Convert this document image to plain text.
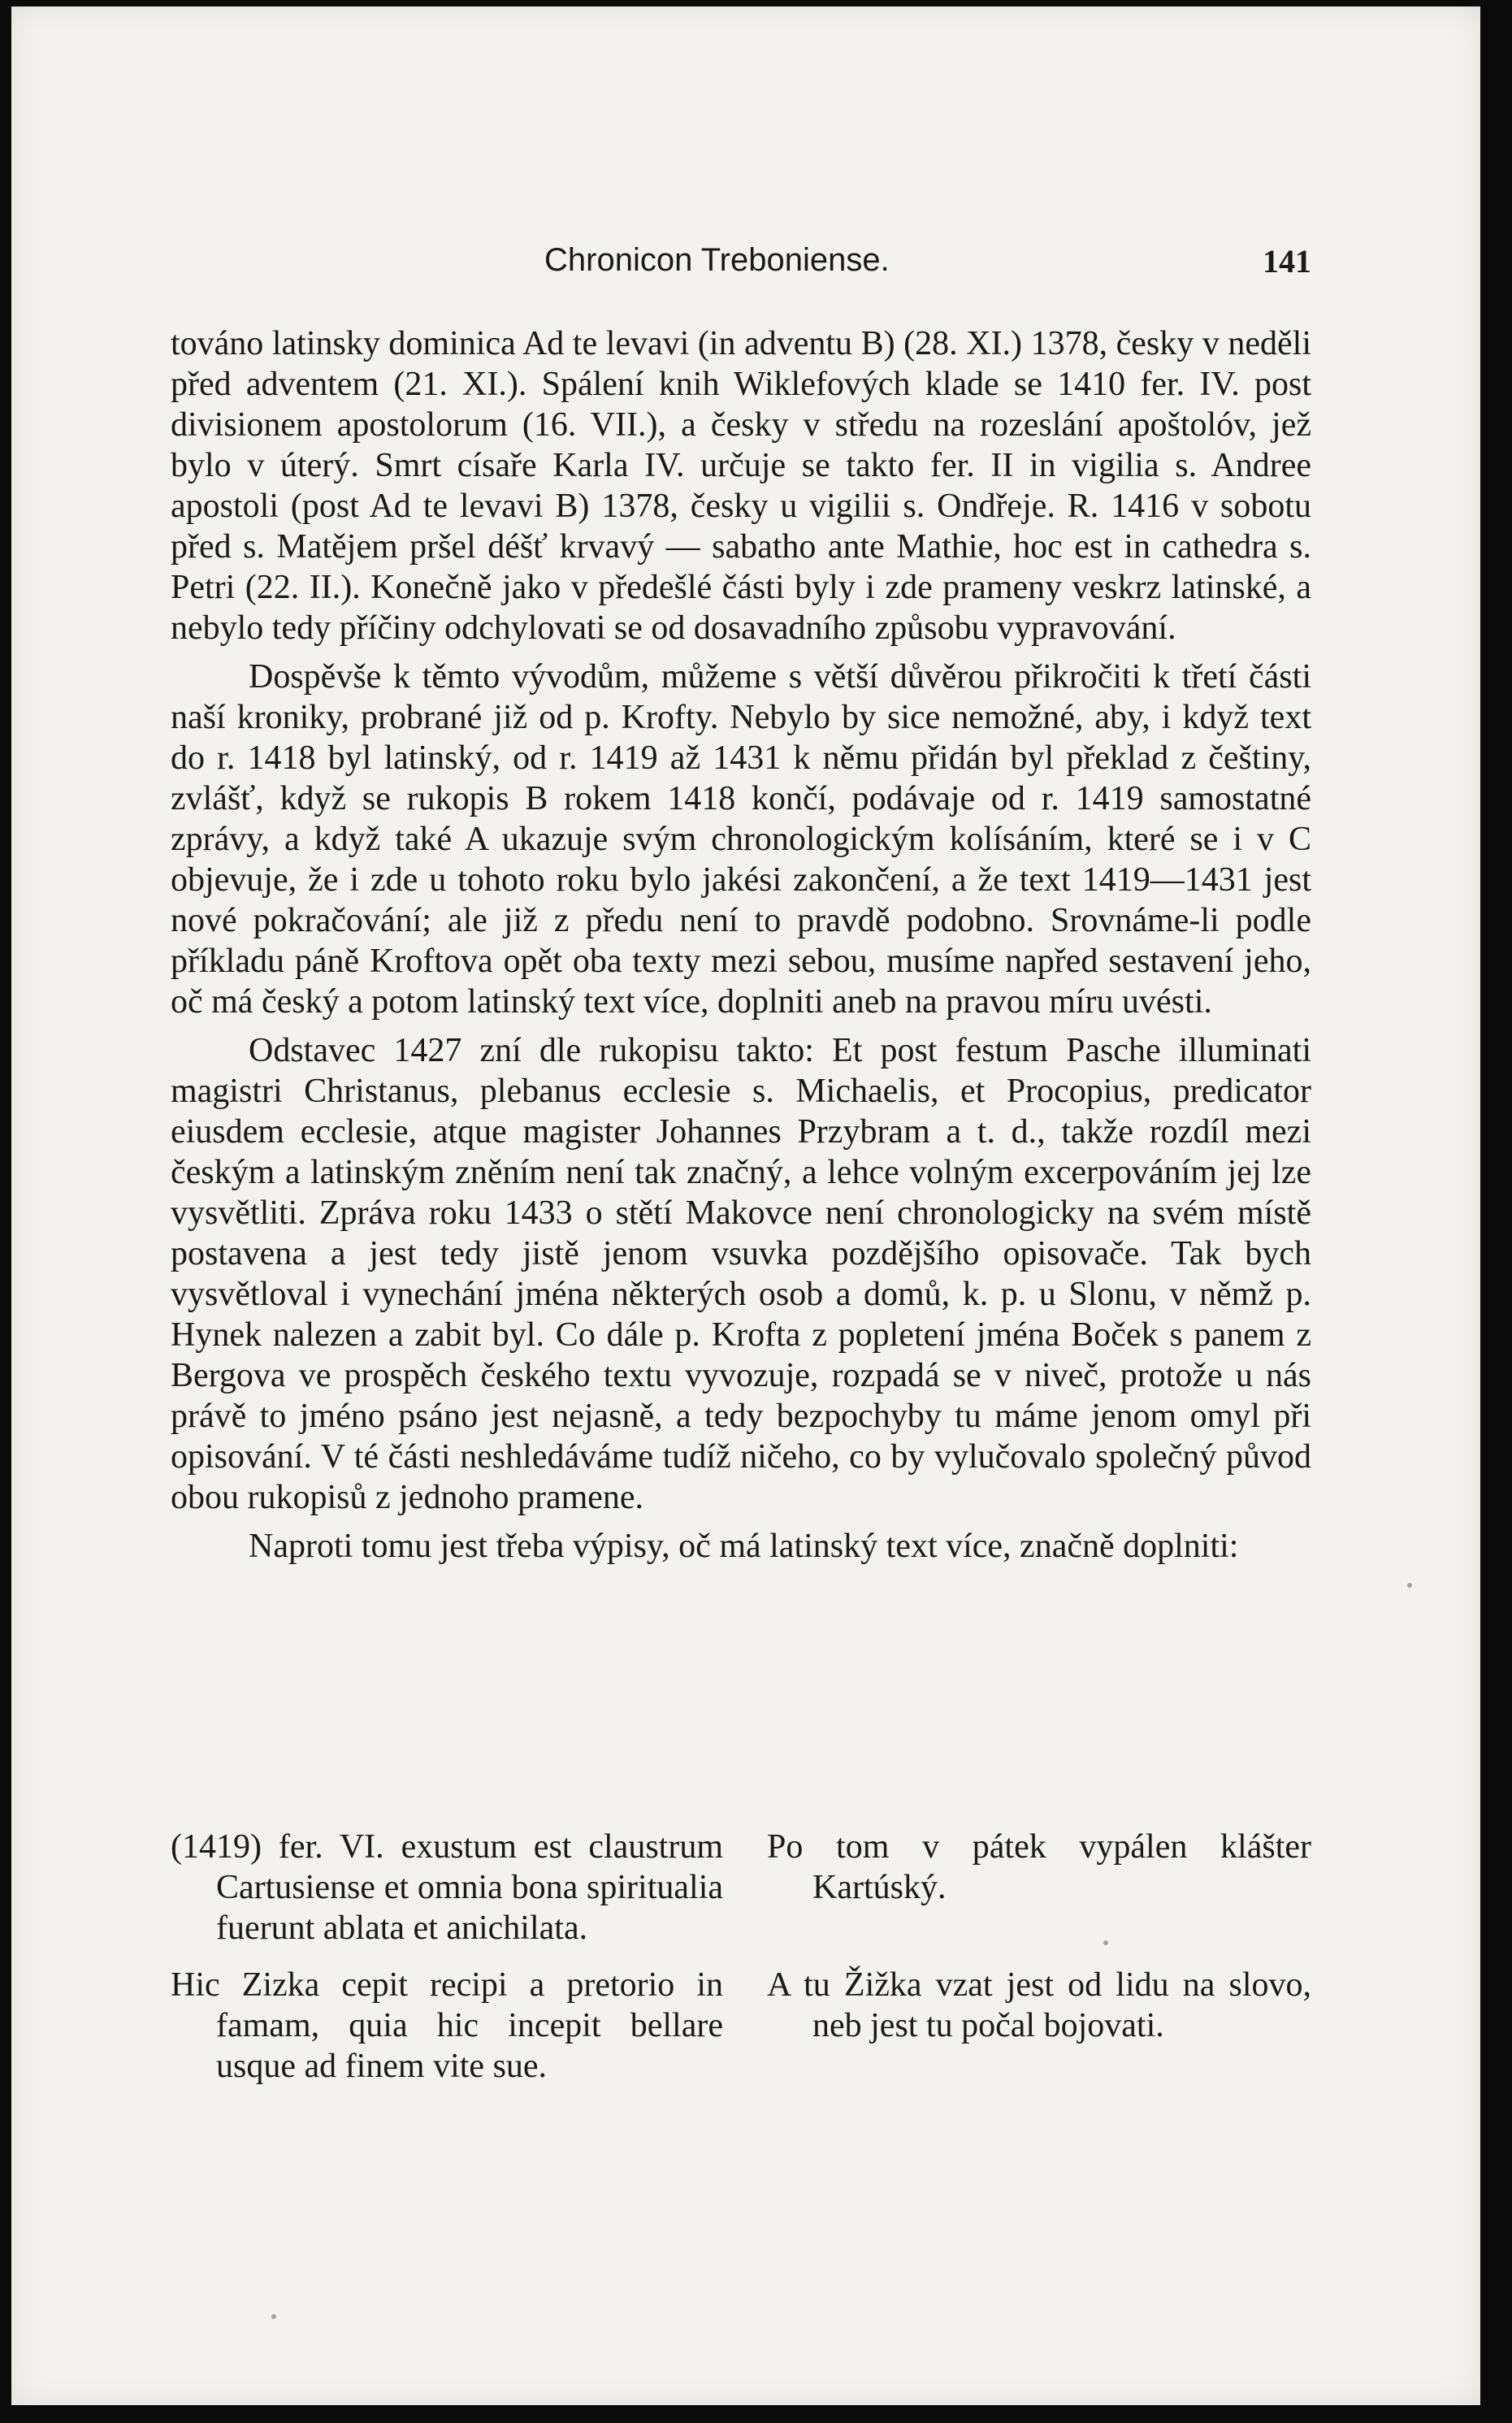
Chronicon Treboniense.	141

továno latinsky dominica Ad te levavi (in adventu B) (28. XI.) 1378, česky v neděli před adventem (21. XI.). Spálení knih Wiklefových klade se 1410 fer. IV. post divisionem apostolorum (16. VII.), a česky v středu na rozeslání apoštolóv, jež bylo v úterý. Smrt císaře Karla IV. určuje se takto fer. II in vigilia s. Andree apostoli (post Ad te levavi B) 1378, česky u vigilii s. Ondřeje. R. 1416 v sobotu před s. Matějem pršel déšť krvavý — sabatho ante Mathie, hoc est in cathedra s. Petri (22. II.). Konečně jako v předešlé části byly i zde prameny veskrz latinské, a nebylo tedy příčiny odchylovati se od dosavadního způsobu vypravování.

Dospěvše k těmto vývodům, můžeme s větší důvěrou přikročiti k třetí části naší kroniky, probrané již od p. Krofty. Nebylo by sice nemožné, aby, i když text do r. 1418 byl latinský, od r. 1419 až 1431 k němu přidán byl překlad z češtiny, zvlášť, když se rukopis B rokem 1418 končí, podávaje od r. 1419 samostatné zprávy, a když také A ukazuje svým chronologickým kolísáním, které se i v C objevuje, že i zde u tohoto roku bylo jakési zakončení, a že text 1419—1431 jest nové pokračování; ale již z předu není to pravdě podobno. Srovnáme-li podle příkladu páně Kroftova opět oba texty mezi sebou, musíme napřed sestavení jeho, oč má český a potom latinský text více, doplniti aneb na pravou míru uvésti.

Odstavec 1427 zní dle rukopisu takto: Et post festum Pasche illuminati magistri Christanus, plebanus ecclesie s. Michaelis, et Procopius, predicator eiusdem ecclesie, atque magister Johannes Przybram a t. d., takže rozdíl mezi českým a latinským zněním není tak značný, a lehce volným excerpováním jej lze vysvětliti. Zpráva roku 1433 o stětí Makovce není chronologicky na svém místě postavena a jest tedy jistě jenom vsuvka pozdějšího opisovače. Tak bych vysvětloval i vynechání jména některých osob a domů, k. p. u Slonu, v němž p. Hynek nalezen a zabit byl. Co dále p. Krofta z popletení jména Boček s panem z Bergova ve prospěch českého textu vyvozuje, rozpadá se v niveč, protože u nás právě to jméno psáno jest nejasně, a tedy bezpochyby tu máme jenom omyl při opisování. V té části neshledáváme tudíž ničeho, co by vylučovalo společný původ obou rukopisů z jednoho pramene.

Naproti tomu jest třeba výpisy, oč má latinský text více, značně doplniti:

(1419) fer. VI. exustum est claustrum Cartusiense et omnia bona spiritualia fuerunt ablata et anichilata.
Po tom v pátek vypálen klášter Kartúský.
Hic Zizka cepit recipi a pretorio in famam, quia hic incepit bellare usque ad finem vite sue.
A tu Žižka vzat jest od lidu na slovo, neb jest tu počal bojovati.
